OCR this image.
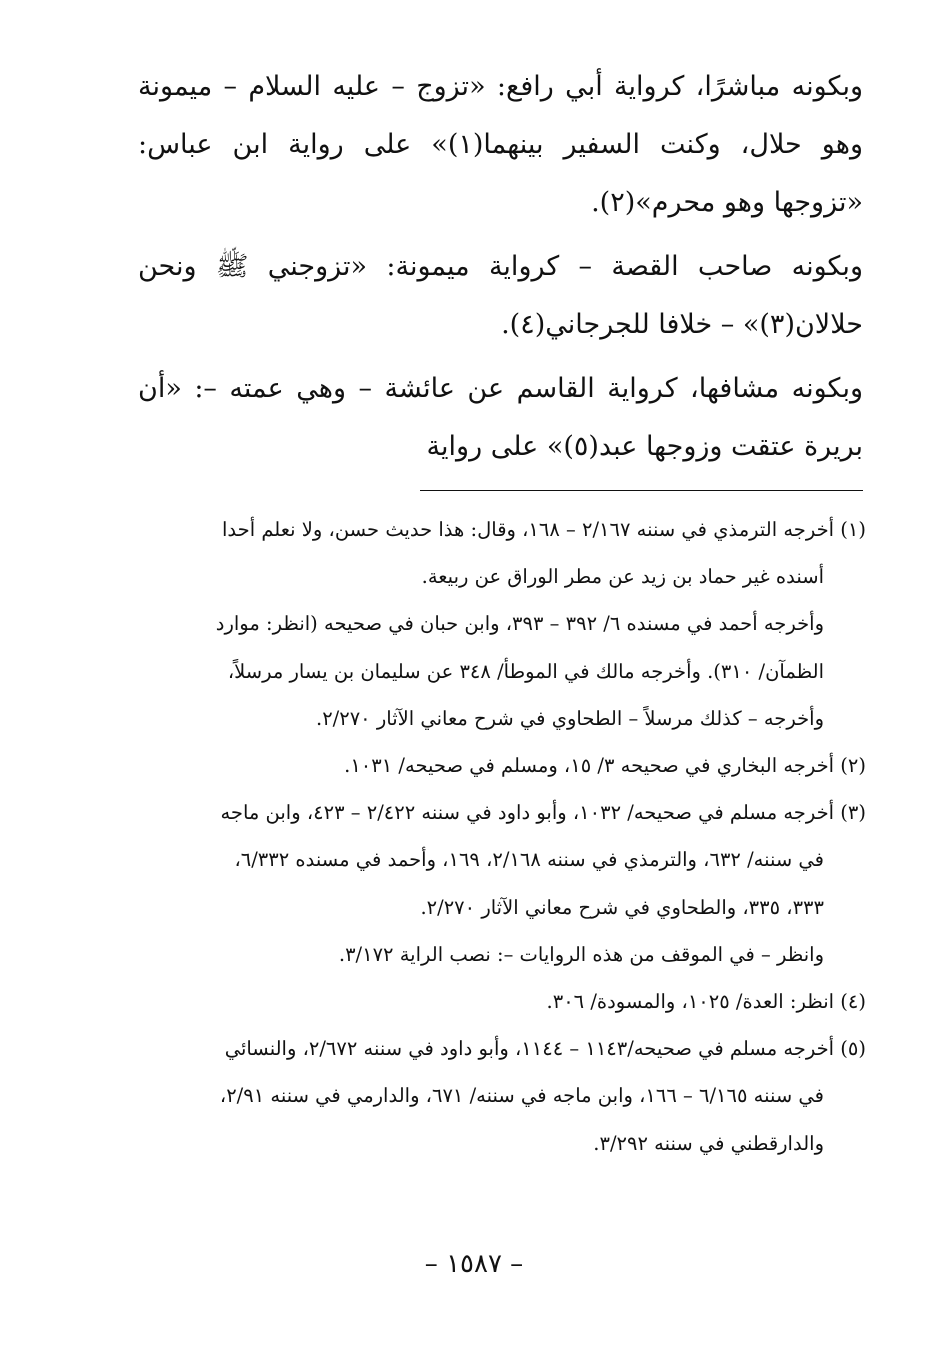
وبكونه مباشرًا، كرواية أبي رافع: «تزوج – عليه السلام – ميمونة وهو حلال، وكنت السفير بينهما(١)» على رواية ابن عباس: «تزوجها وهو محرم»(٢).

وبكونه صاحب القصة – كرواية ميمونة: «تزوجني ﷺ ونحن حلالان(٣)» – خلافا للجرجاني(٤).

وبكونه مشافها، كرواية القاسم عن عائشة – وهي عمته –: «أن بريرة عتقت وزوجها عبد(٥)» على رواية

(١) أخرجه الترمذي في سننه ٢/١٦٧ – ١٦٨، وقال: هذا حديث حسن، ولا نعلم أحدا

أسنده غير حماد بن زيد عن مطر الوراق عن ربيعة.

وأخرجه أحمد في مسنده ٦/ ٣٩٢ – ٣٩٣، وابن حبان في صحيحه (انظر: موارد

الظمآن/ ٣١٠). وأخرجه مالك في الموطأ/ ٣٤٨ عن سليمان بن يسار مرسلاً،

وأخرجه – كذلك مرسلاً – الطحاوي في شرح معاني الآثار ٢/٢٧٠.

(٢) أخرجه البخاري في صحيحه ٣/ ١٥، ومسلم في صحيحه/ ١٠٣١.

(٣) أخرجه مسلم في صحيحه/ ١٠٣٢، وأبو داود في سننه ٢/٤٢٢ – ٤٢٣، وابن ماجه

في سننه/ ٦٣٢، والترمذي في سننه ٢/١٦٨، ١٦٩، وأحمد في مسنده ٦/٣٣٢،

٣٣٣، ٣٣٥، والطحاوي في شرح معاني الآثار ٢/٢٧٠.

وانظر – في الموقف من هذه الروايات –: نصب الراية ٣/١٧٢.

(٤) انظر: العدة/ ١٠٢٥، والمسودة/ ٣٠٦.

(٥) أخرجه مسلم في صحيحه/١١٤٣ – ١١٤٤، وأبو داود في سننه ٢/٦٧٢، والنسائي

في سننه ٦/١٦٥ – ١٦٦، وابن ماجه في سننه/ ٦٧١، والدارمي في سننه ٢/٩١،

والدارقطني في سننه ٣/٢٩٢.

– ١٥٨٧ –
